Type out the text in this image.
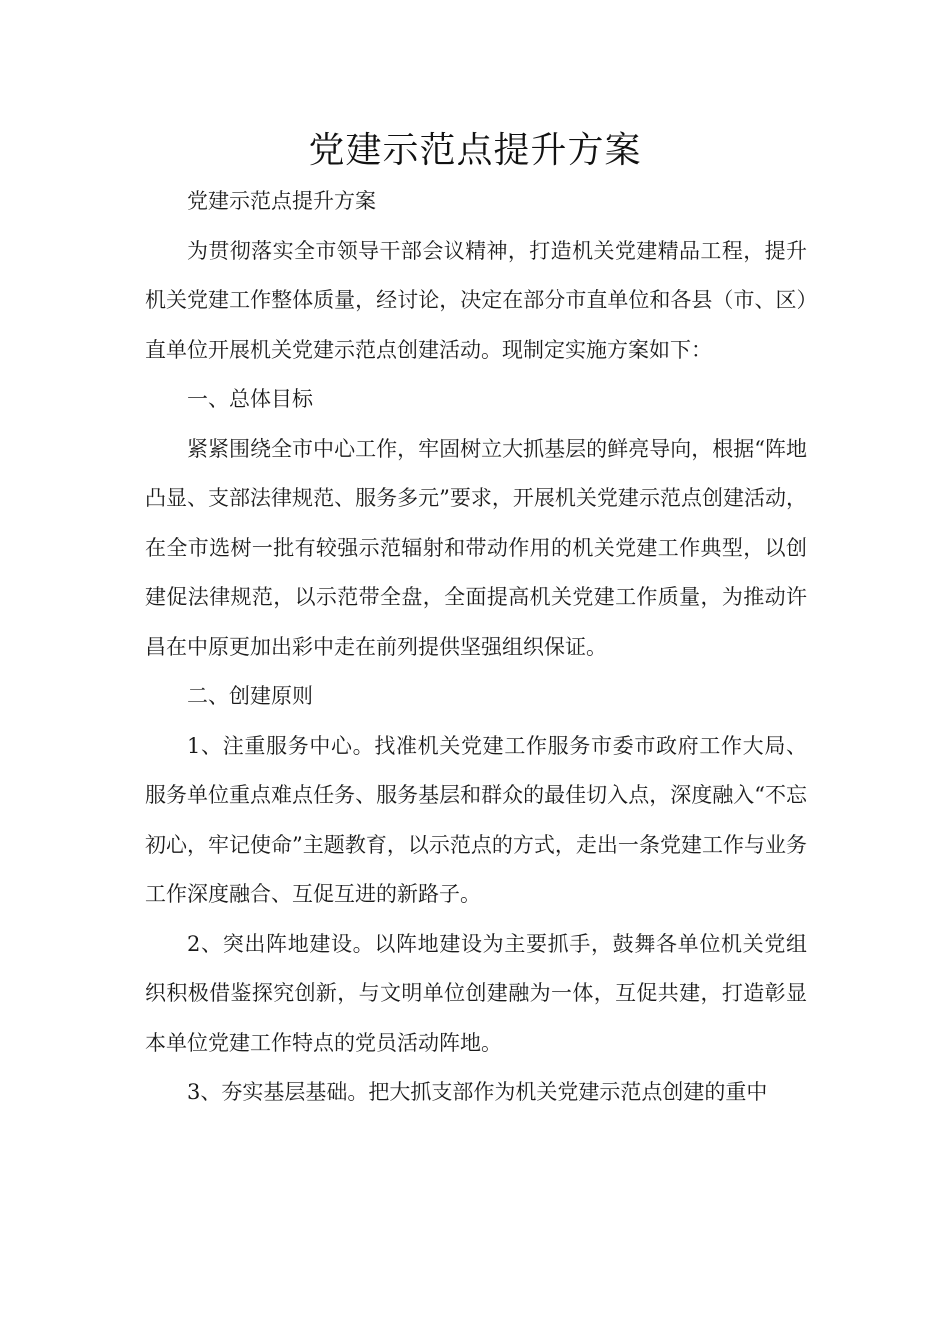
党建示范点提升方案

党建示范点提升方案

为贯彻落实全市领导干部会议精神，打造机关党建精品工程，提升机关党建工作整体质量，经讨论，决定在部分市直单位和各县（市、区）直单位开展机关党建示范点创建活动。现制定实施方案如下：

一、总体目标

紧紧围绕全市中心工作，牢固树立大抓基层的鲜亮导向，根据“阵地凸显、支部法律规范、服务多元”要求，开展机关党建示范点创建活动，在全市选树一批有较强示范辐射和带动作用的机关党建工作典型，以创建促法律规范，以示范带全盘，全面提高机关党建工作质量，为推动许昌在中原更加出彩中走在前列提供坚强组织保证。

二、创建原则

1、注重服务中心。找准机关党建工作服务市委市政府工作大局、服务单位重点难点任务、服务基层和群众的最佳切入点，深度融入“不忘初心，牢记使命”主题教育，以示范点的方式，走出一条党建工作与业务工作深度融合、互促互进的新路子。

2、突出阵地建设。以阵地建设为主要抓手，鼓舞各单位机关党组织积极借鉴探究创新，与文明单位创建融为一体，互促共建，打造彰显本单位党建工作特点的党员活动阵地。

3、夯实基层基础。把大抓支部作为机关党建示范点创建的重中
